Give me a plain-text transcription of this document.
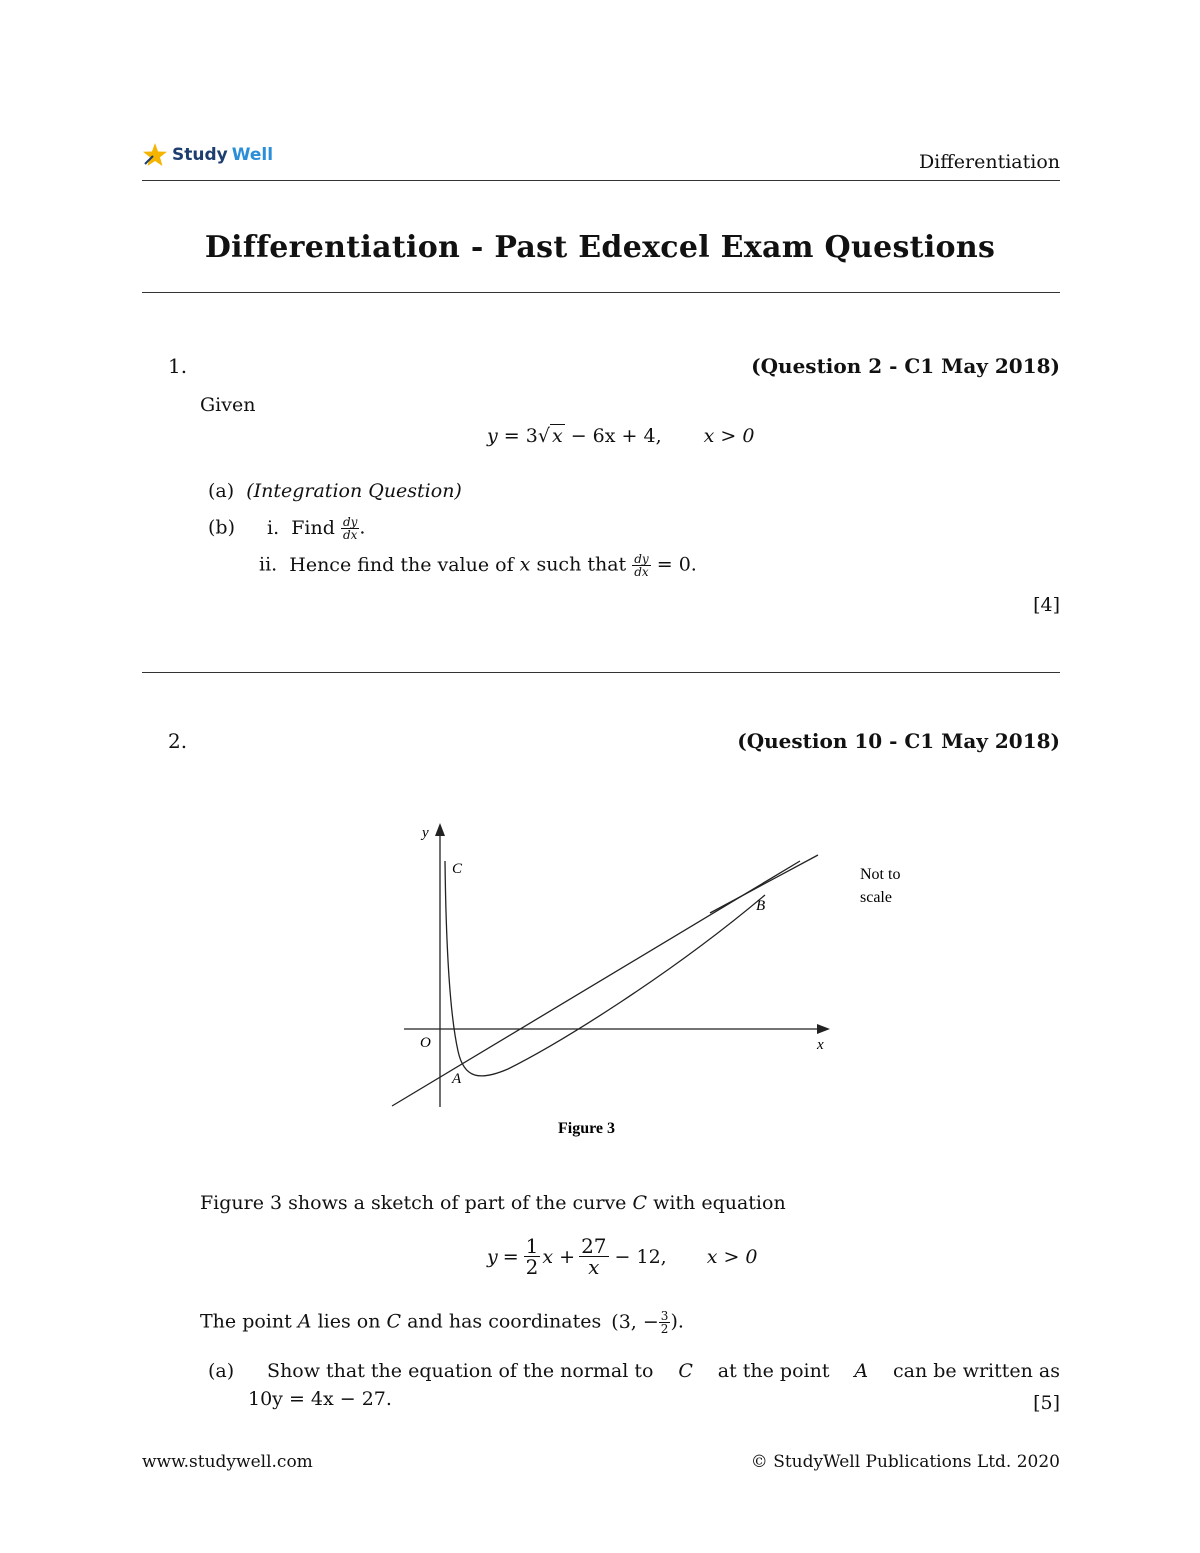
Study Well	Differentiation
Differentiation - Past Edexcel Exam Questions
1.	(Question 2 - C1 May 2018)
Given
y = 3√ x − 6x + 4, x > 0
(a) (Integration Question)
(b) i. Find $\frac{dy}{dx}$ .
ii. Hence find the value of x such that $\frac{dy}{dx} = 0$.
[4]
2.	(Question 10 - C1 May 2018)
y
x
O
C
A
B
Not to
scale
Figure 3
Figure 3 shows a sketch of part of the curve C with equation
$y = \frac{1}{2}$ $x + \frac{27}{x} - 12$, x > 0
The point A lies on C and has coordinates (3, − $\frac{3}{2}$ ).
(a) Show that the equation of the normal to C at the point A can be written as
10y = 4x − 27.	[5]
www.studywell.com	© StudyWell Publications Ltd. 2020
